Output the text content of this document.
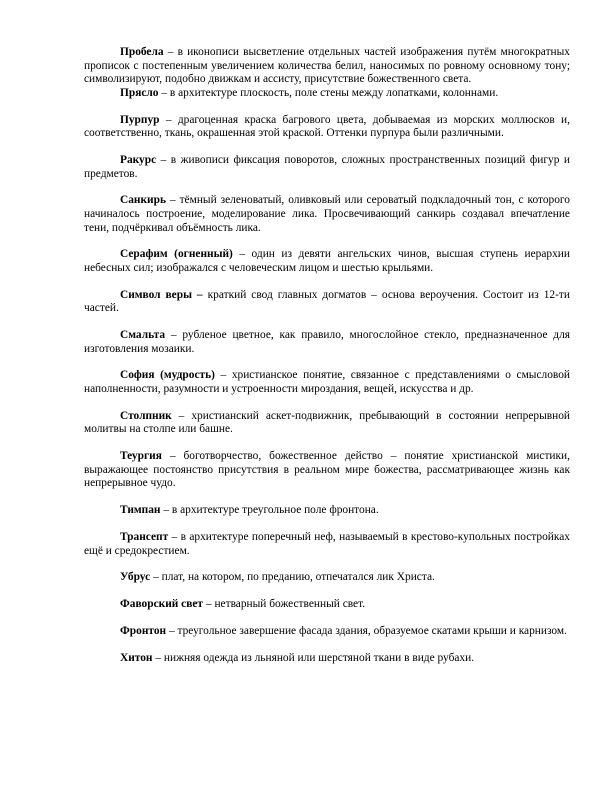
Пробела – в иконописи высветление отдельных частей изображения путём многократных прописок с постепенным увеличением количества белил, наносимых по ровному основному тону; символизируют, подобно движкам и ассисту, присутствие божественного света.

Прясло – в архитектуре плоскость, поле стены между лопатками, колоннами.

Пурпур – драгоценная краска багрового цвета, добываемая из морских моллюсков и, соответственно, ткань, окрашенная этой краской. Оттенки пурпура были различными.

Ракурс – в живописи фиксация поворотов, сложных пространственных позиций фигур и предметов.

Санкирь – тёмный зеленоватый, оливковый или сероватый подкладочный тон, с которого начиналось построение, моделирование лика. Просвечивающий санкирь создавал впечатление тени, подчёркивал объёмность лика.

Серафим (огненный) – один из девяти ангельских чинов, высшая ступень иерархии небесных сил; изображался с человеческим лицом и шестью крыльями.

Символ веры – краткий свод главных догматов – основа вероучения. Состоит из 12-ти частей.

Смальта – рубленое цветное, как правило, многослойное стекло, предназначенное для изготовления мозаики.

София (мудрость) – христианское понятие, связанное с представлениями о смысловой наполненности, разумности и устроенности мироздания, вещей, искусства и др.

Столпник – христианский аскет-подвижник, пребывающий в состоянии непрерывной молитвы на столпе или башне.

Теургия – боготворчество, божественное действо – понятие христианской мистики, выражающее постоянство присутствия в реальном мире божества, рассматривающее жизнь как непрерывное чудо.

Тимпан – в архитектуре треугольное поле фронтона.

Трансепт – в архитектуре поперечный неф, называемый в крестово-купольных постройках ещё и средокрестием.

Убрус – плат, на котором, по преданию, отпечатался лик Христа.

Фаворский свет – нетварный божественный свет.

Фронтон – треугольное завершение фасада здания, образуемое скатами крыши и карнизом.

Хитон – нижняя одежда из льняной или шерстяной ткани в виде рубахи.
